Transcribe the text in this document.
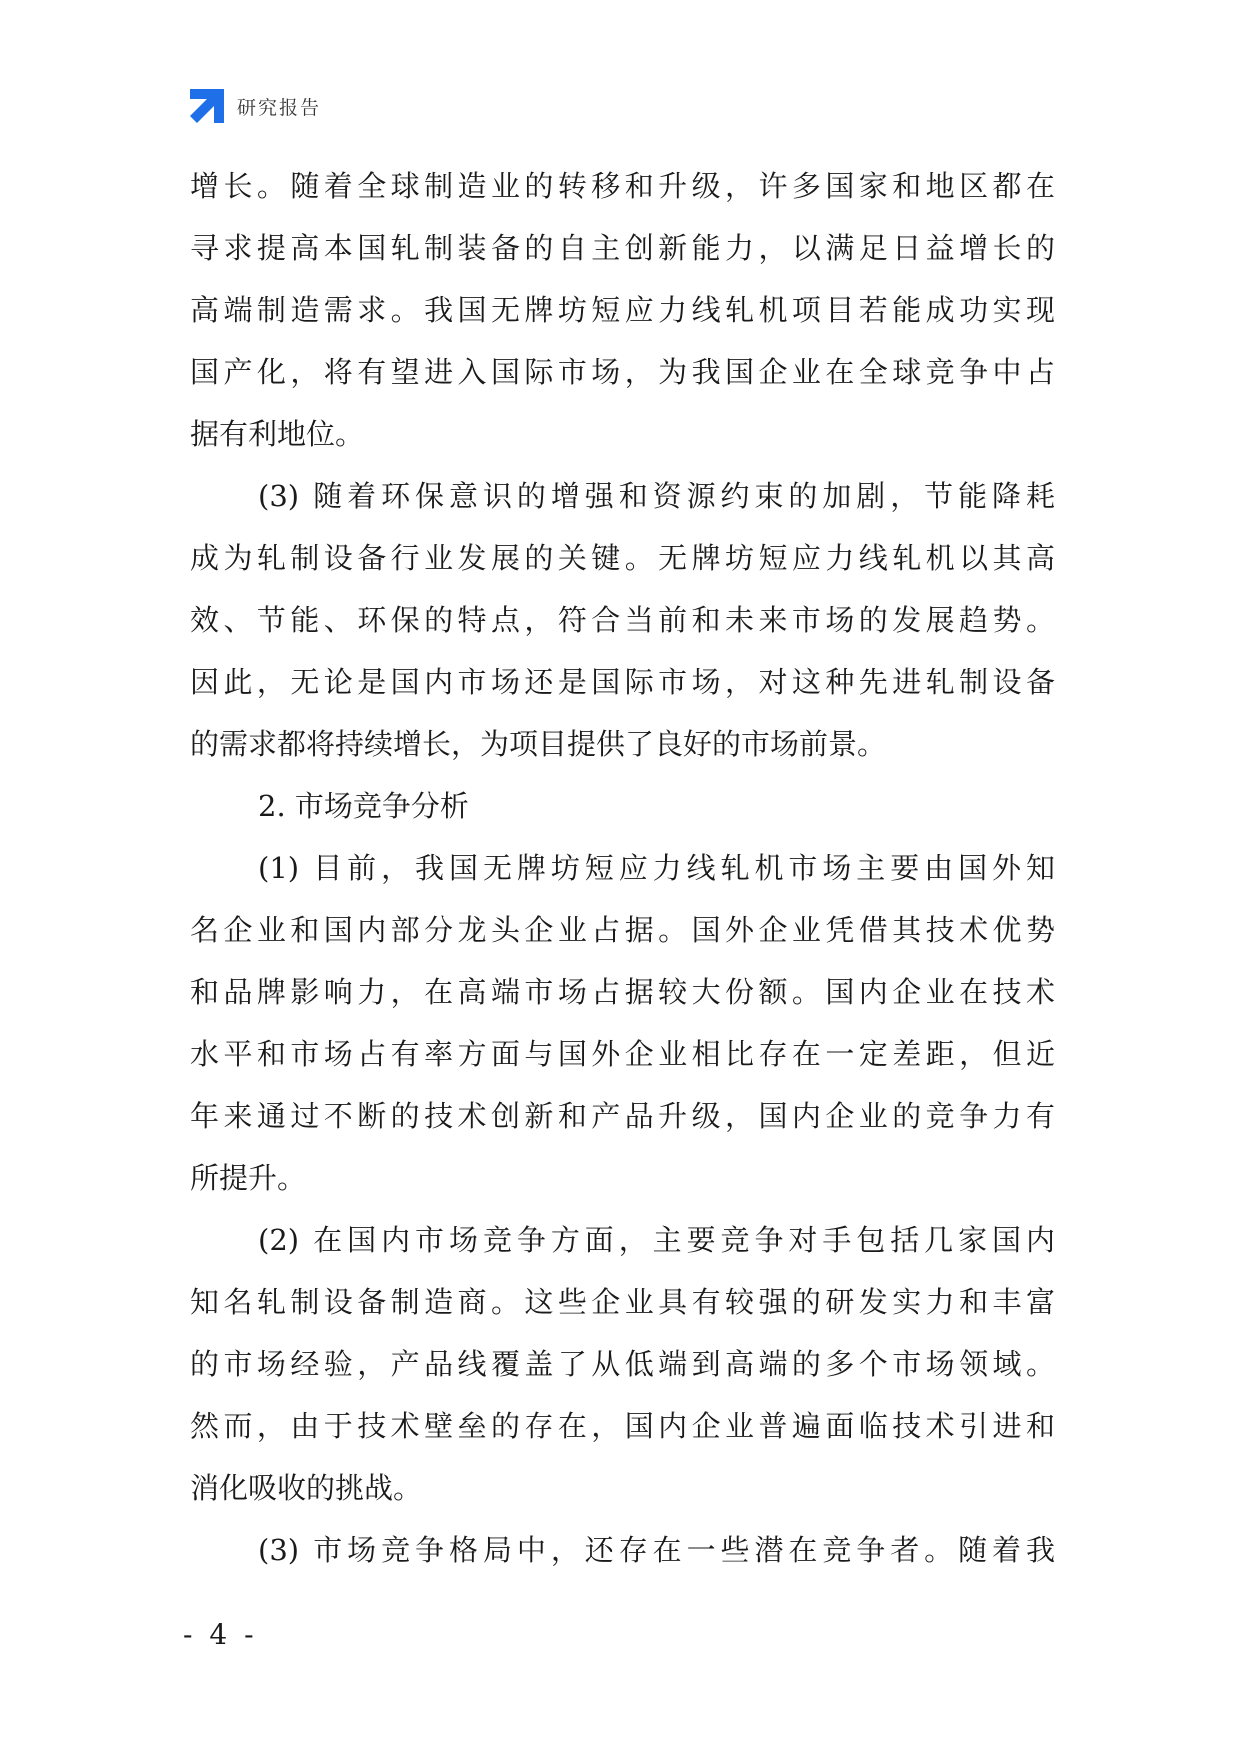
研究报告
增长。随着全球制造业的转移和升级，许多国家和地区都在
寻求提高本国轧制装备的自主创新能力，以满足日益增长的
高端制造需求。我国无牌坊短应力线轧机项目若能成功实现
国产化，将有望进入国际市场，为我国企业在全球竞争中占
据有利地位。
(3) 随着环保意识的增强和资源约束的加剧，节能降耗
成为轧制设备行业发展的关键。无牌坊短应力线轧机以其高
效、节能、环保的特点，符合当前和未来市场的发展趋势。
因此，无论是国内市场还是国际市场，对这种先进轧制设备
的需求都将持续增长，为项目提供了良好的市场前景。
2. 市场竞争分析
(1) 目前，我国无牌坊短应力线轧机市场主要由国外知
名企业和国内部分龙头企业占据。国外企业凭借其技术优势
和品牌影响力，在高端市场占据较大份额。国内企业在技术
水平和市场占有率方面与国外企业相比存在一定差距，但近
年来通过不断的技术创新和产品升级，国内企业的竞争力有
所提升。
(2) 在国内市场竞争方面，主要竞争对手包括几家国内
知名轧制设备制造商。这些企业具有较强的研发实力和丰富
的市场经验，产品线覆盖了从低端到高端的多个市场领域。
然而，由于技术壁垒的存在，国内企业普遍面临技术引进和
消化吸收的挑战。
(3) 市场竞争格局中，还存在一些潜在竞争者。随着我
- 4 -
